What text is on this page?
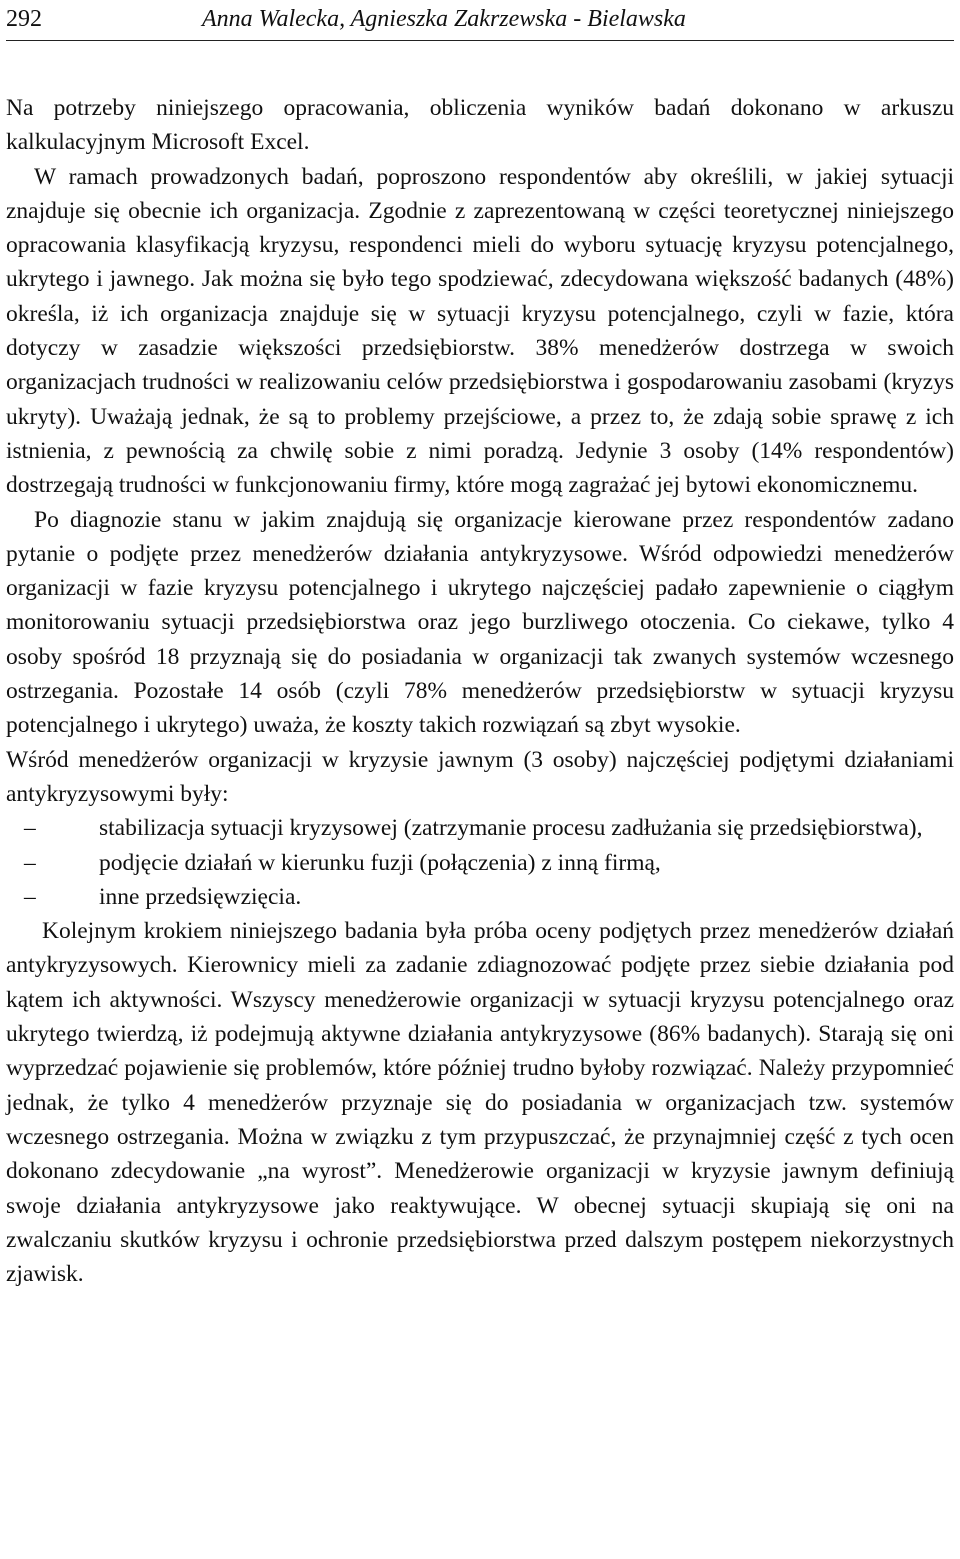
292	Anna Walecka, Agnieszka Zakrzewska - Bielawska

Na potrzeby niniejszego opracowania, obliczenia wyników badań dokonano w arkuszu kalkulacyjnym Microsoft Excel.

W ramach prowadzonych badań, poproszono respondentów aby określili, w jakiej sytuacji znajduje się obecnie ich organizacja. Zgodnie z zaprezentowaną w części teoretycznej niniejszego opracowania klasyfikacją kryzysu, respondenci mieli do wyboru sytuację kryzysu potencjalnego, ukrytego i jawnego. Jak można się było tego spodziewać, zdecydowana większość badanych (48%) określa, iż ich organizacja znajduje się w sytuacji kryzysu potencjalnego, czyli w fazie, która dotyczy w zasadzie większości przedsiębiorstw. 38% menedżerów dostrzega w swoich organizacjach trudności w realizowaniu celów przedsiębiorstwa i gospodarowaniu zasobami (kryzys ukryty). Uważają jednak, że są to problemy przejściowe, a przez to, że zdają sobie sprawę z ich istnienia, z pewnością za chwilę sobie z nimi poradzą. Jedynie 3 osoby (14% respondentów) dostrzegają trudności w funkcjonowaniu firmy, które mogą zagrażać jej bytowi ekonomicznemu.

Po diagnozie stanu w jakim znajdują się organizacje kierowane przez respondentów zadano pytanie o podjęte przez menedżerów działania antykryzysowe. Wśród odpowiedzi menedżerów organizacji w fazie kryzysu potencjalnego i ukrytego najczęściej padało zapewnienie o ciągłym monitorowaniu sytuacji przedsiębiorstwa oraz jego burzliwego otoczenia. Co ciekawe, tylko 4 osoby spośród 18 przyznają się do posiadania w organizacji tak zwanych systemów wczesnego ostrzegania. Pozostałe 14 osób (czyli 78% menedżerów przedsiębiorstw w sytuacji kryzysu potencjalnego i ukrytego) uważa, że koszty takich rozwiązań są zbyt wysokie.

Wśród menedżerów organizacji w kryzysie jawnym (3 osoby) najczęściej podjętymi działaniami antykryzysowymi były:

–	stabilizacja sytuacji kryzysowej (zatrzymanie procesu zadłużania się przedsiębiorstwa),
–	podjęcie działań w kierunku fuzji (połączenia) z inną firmą,
–	inne przedsięwzięcia.

Kolejnym krokiem niniejszego badania była próba oceny podjętych przez menedżerów działań antykryzysowych. Kierownicy mieli za zadanie zdiagnozować podjęte przez siebie działania pod kątem ich aktywności. Wszyscy menedżerowie organizacji w sytuacji kryzysu potencjalnego oraz ukrytego twierdzą, iż podejmują aktywne działania antykryzysowe (86% badanych). Starają się oni wyprzedzać pojawienie się problemów, które później trudno byłoby rozwiązać. Należy przypomnieć jednak, że tylko 4 menedżerów przyznaje się do posiadania w organizacjach tzw. systemów wczesnego ostrzegania. Można w związku z tym przypuszczać, że przynajmniej część z tych ocen dokonano zdecydowanie „na wyrost”. Menedżerowie organizacji w kryzysie jawnym definiują swoje działania antykryzysowe jako reaktywujące. W obecnej sytuacji skupiają się oni na zwalczaniu skutków kryzysu i ochronie przedsiębiorstwa przed dalszym postępem niekorzystnych zjawisk.
